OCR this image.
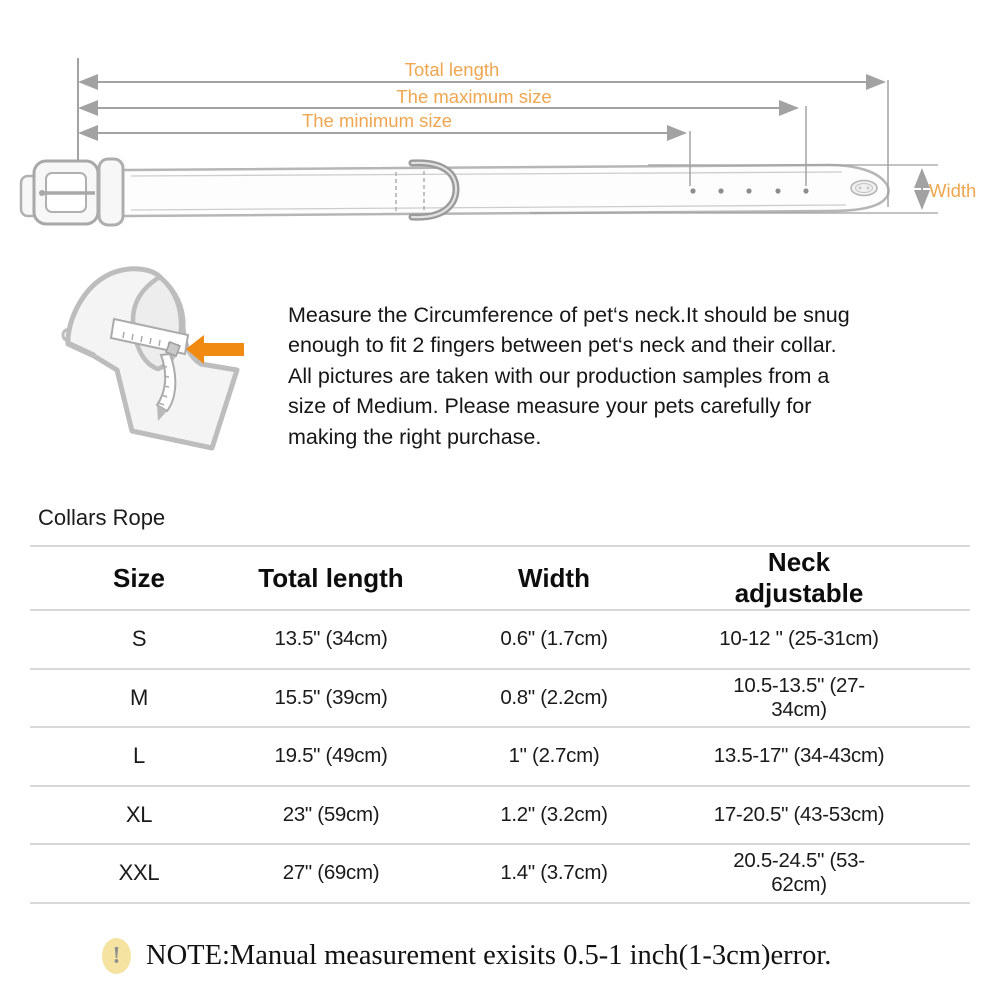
Total length
The maximum size
The minimum size
Width
Measure the Circumference of pet‘s neck.It should be snug
enough to fit 2 fingers between pet‘s neck and their collar.
All pictures are taken with our production samples from a
size of Medium. Please measure your pets carefully for
making the right purchase.
Collars Rope
Size	Total length	Width	Neck adjustable
S	13.5" (34cm)	0.6" (1.7cm)	10-12 " (25-31cm)
M	15.5" (39cm)	0.8" (2.2cm)	10.5-13.5" (27-34cm)
L	19.5" (49cm)	1" (2.7cm)	13.5-17" (34-43cm)
XL	23" (59cm)	1.2" (3.2cm)	17-20.5" (43-53cm)
XXL	27" (69cm)	1.4" (3.7cm)	20.5-24.5" (53-62cm)
! NOTE:Manual measurement exisits 0.5-1 inch(1-3cm)error.
